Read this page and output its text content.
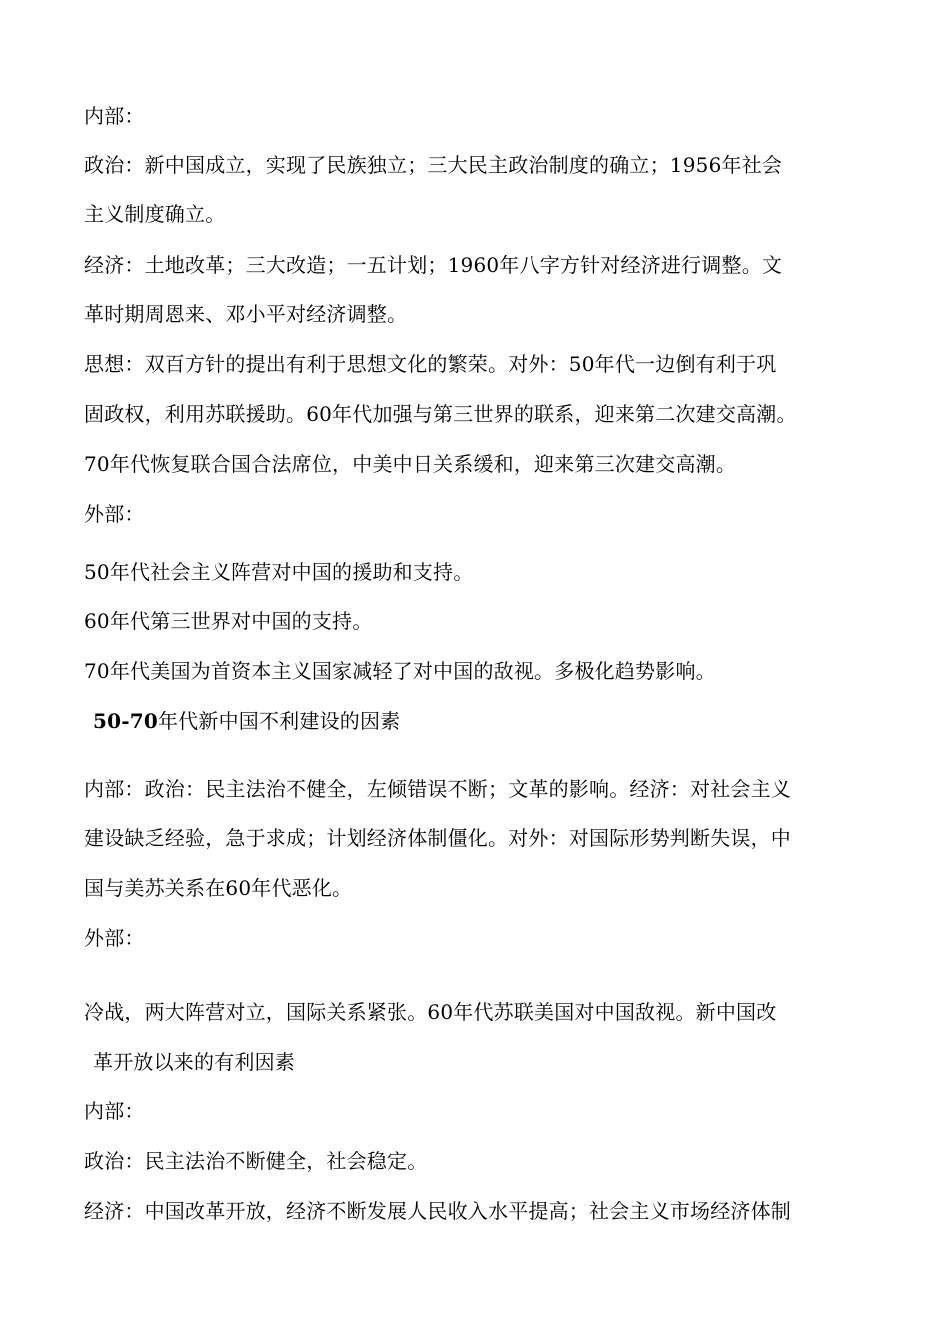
内部：
政治：新中国成立，实现了民族独立；三大民主政治制度的确立；1956年社会
主义制度确立。
经济：土地改革；三大改造；一五计划；1960年八字方针对经济进行调整。文
革时期周恩来、邓小平对经济调整。
思想：双百方针的提出有利于思想文化的繁荣。对外：50年代一边倒有利于巩
固政权，利用苏联援助。60年代加强与第三世界的联系，迎来第二次建交高潮。
70年代恢复联合国合法席位，中美中日关系缓和，迎来第三次建交高潮。
外部：
50年代社会主义阵营对中国的援助和支持。
60年代第三世界对中国的支持。
70年代美国为首资本主义国家减轻了对中国的敌视。多极化趋势影响。
50-70年代新中国不利建设的因素
内部：政治：民主法治不健全，左倾错误不断；文革的影响。经济：对社会主义
建设缺乏经验，急于求成；计划经济体制僵化。对外：对国际形势判断失误，中
国与美苏关系在60年代恶化。
外部：
冷战，两大阵营对立，国际关系紧张。60年代苏联美国对中国敌视。新中国改
革开放以来的有利因素
内部：
政治：民主法治不断健全，社会稳定。
经济：中国改革开放，经济不断发展人民收入水平提高；社会主义市场经济体制
